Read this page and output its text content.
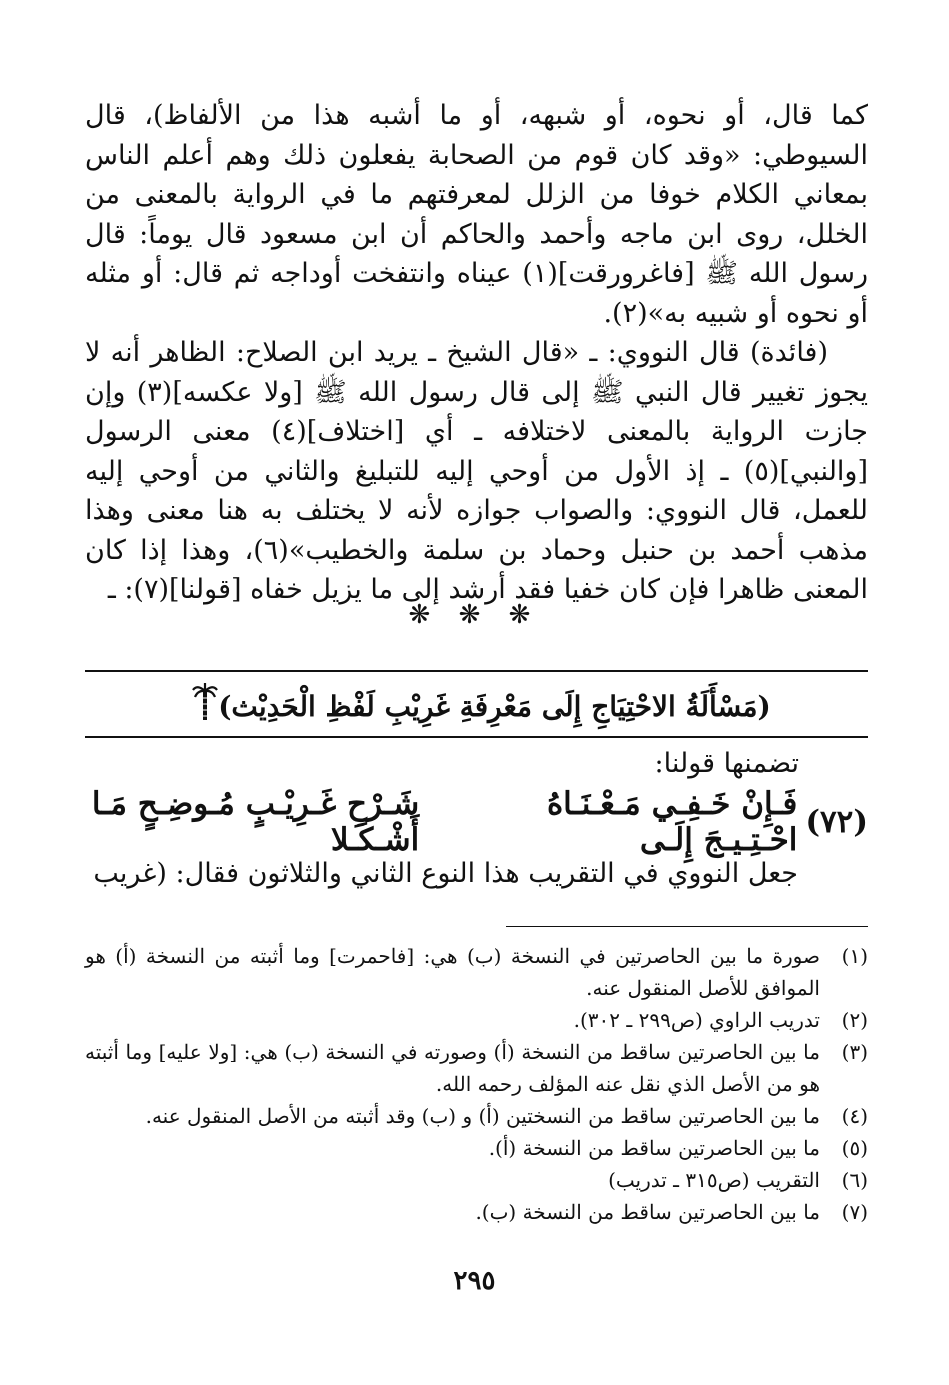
كما قال، أو نحوه، أو شبهه، أو ما أشبه هذا من الألفاظ)، قال السيوطي: «وقد كان قوم من الصحابة يفعلون ذلك وهم أعلم الناس بمعاني الكلام خوفا من الزلل لمعرفتهم ما في الرواية بالمعنى من الخلل، روى ابن ماجه وأحمد والحاكم أن ابن مسعود قال يوماً: قال رسول الله ﷺ [فاغرورقت](١) عيناه وانتفخت أوداجه ثم قال: أو مثله أو نحوه أو شبيه به»(٢).

(فائدة) قال النووي: ـ «قال الشيخ ـ يريد ابن الصلاح: الظاهر أنه لا يجوز تغيير قال النبي ﷺ إلى قال رسول الله ﷺ [ولا عكسه](٣) وإن جازت الرواية بالمعنى لاختلافه ـ أي [اختلاف](٤) معنى الرسول [والنبي](٥) ـ إذ الأول من أوحي إليه للتبليغ والثاني من أوحي إليه للعمل، قال النووي: والصواب جوازه لأنه لا يختلف به هنا معنى وهذا مذهب أحمد بن حنبل وحماد بن سلمة والخطيب»(٦)، وهذا إذا كان المعنى ظاهرا فإن كان خفيا فقد أرشد إلى ما يزيل خفاه [قولنا](٧): ـ

❋ ❋ ❋
(مَسْأَلَةُ الاحْتِيَاجِ إِلَى مَعْرِفَةِ غَرِيْبِ لَفْظِ الْحَدِيْث)
تضمنها قولنا:
(٧٢)
فَـإِنْ خَـفِـي مَـعْـنَـاهُ احْـتِـيـجَ إِلَـى
شَـرْحِ غَـرِيْـبٍ مُـوضِـحٍ مَـا أَشْـكَـلا
جعل النووي في التقريب هذا النوع الثاني والثلاثون فقال: (غريب
(١)
صورة ما بين الحاصرتين في النسخة (ب) هي: [فاحمرت] وما أثبته من النسخة (أ) هو الموافق للأصل المنقول عنه.
(٢)
تدريب الراوي (ص٢٩٩ ـ ٣٠٢).
(٣)
ما بين الحاصرتين ساقط من النسخة (أ) وصورته في النسخة (ب) هي: [ولا عليه] وما أثبته هو من الأصل الذي نقل عنه المؤلف رحمه الله.
(٤)
ما بين الحاصرتين ساقط من النسختين (أ) و (ب) وقد أثبته من الأصل المنقول عنه.
(٥)
ما بين الحاصرتين ساقط من النسخة (أ).
(٦)
التقريب (ص٣١٥ ـ تدريب)
(٧)
ما بين الحاصرتين ساقط من النسخة (ب).
٢٩٥
